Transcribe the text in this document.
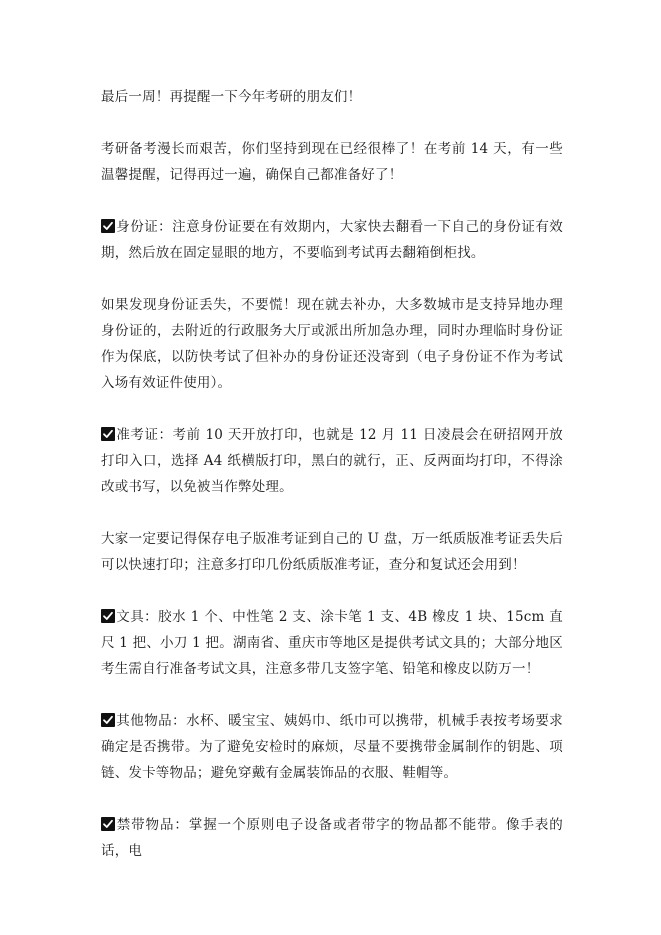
最后一周！再提醒一下今年考研的朋友们！

考研备考漫长而艰苦，你们坚持到现在已经很棒了！在考前 14 天，有一些温馨提醒，记得再过一遍，确保自己都准备好了！

身份证：注意身份证要在有效期内，大家快去翻看一下自己的身份证有效期，然后放在固定显眼的地方，不要临到考试再去翻箱倒柜找。

如果发现身份证丢失，不要慌！现在就去补办，大多数城市是支持异地办理身份证的，去附近的行政服务大厅或派出所加急办理，同时办理临时身份证作为保底，以防快考试了但补办的身份证还没寄到（电子身份证不作为考试入场有效证件使用）。

准考证：考前 10 天开放打印，也就是 12 月 11 日凌晨会在研招网开放打印入口，选择 A4 纸横版打印，黑白的就行，正、反两面均打印，不得涂改或书写，以免被当作弊处理。

大家一定要记得保存电子版准考证到自己的 U 盘，万一纸质版准考证丢失后可以快速打印；注意多打印几份纸质版准考证，查分和复试还会用到！

文具：胶水 1 个、中性笔 2 支、涂卡笔 1 支、4B 橡皮 1 块、15cm 直尺 1 把、小刀 1 把。湖南省、重庆市等地区是提供考试文具的；大部分地区考生需自行准备考试文具，注意多带几支签字笔、铅笔和橡皮以防万一！

其他物品：水杯、暖宝宝、姨妈巾、纸巾可以携带，机械手表按考场要求确定是否携带。为了避免安检时的麻烦，尽量不要携带金属制作的钥匙、项链、发卡等物品；避免穿戴有金属装饰品的衣服、鞋帽等。

禁带物品：掌握一个原则电子设备或者带字的物品都不能带。像手表的话，电
